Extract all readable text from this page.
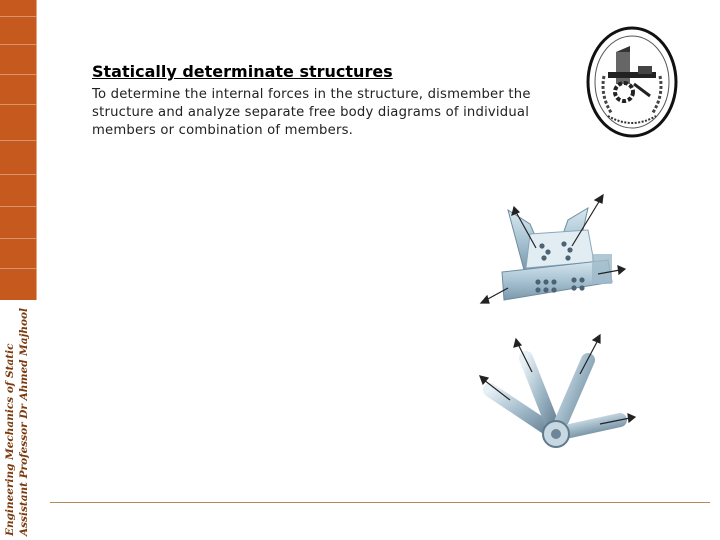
Engineering Mechanics of Static Assistant Professor Dr Ahmed Majhool
Statically determinate structures
To determine the internal forces in the structure, dismember the structure and analyze separate free body diagrams of individual members or combination of members.
